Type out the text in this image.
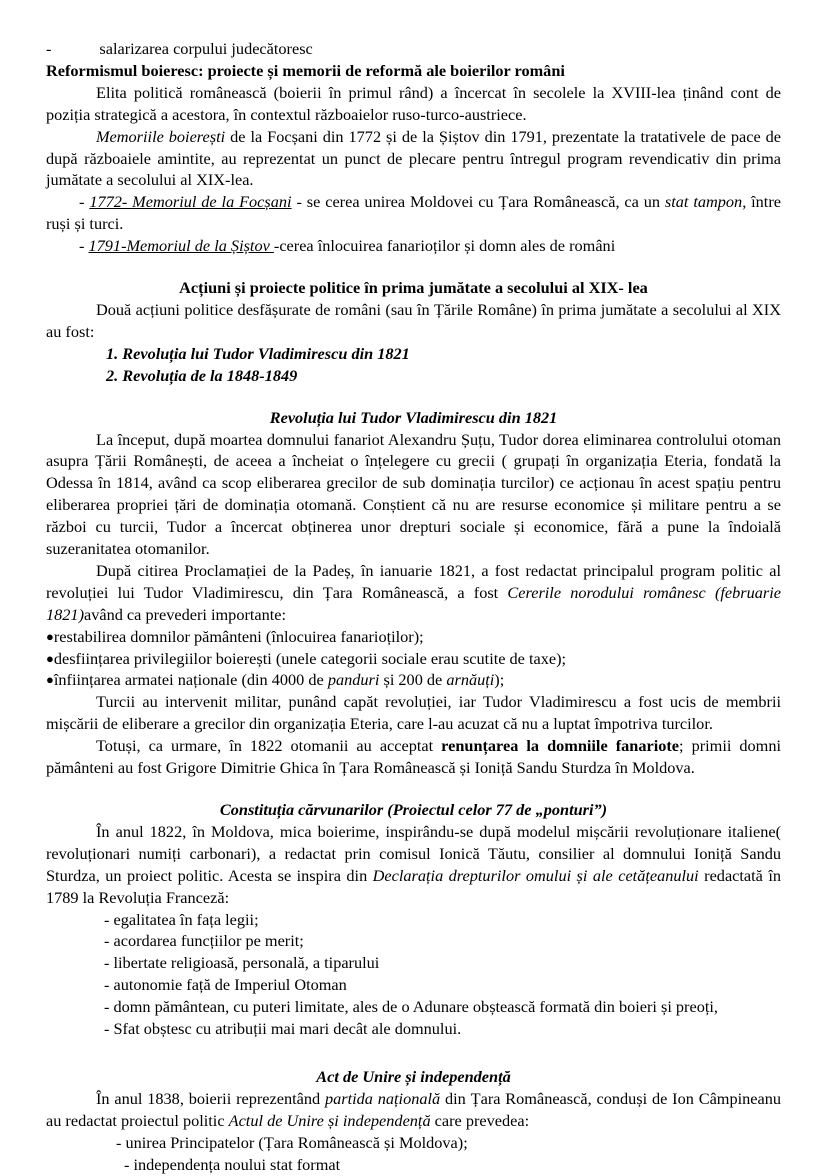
-	salarizarea corpului judecătoresc

Reformismul boieresc: proiecte și memorii de reformă ale boierilor români

Elita politică românească (boierii în primul rând) a încercat în secolele la XVIII-lea ținând cont de poziția strategică a acestora, în contextul războaielor ruso-turco-austriece.

Memoriile boierești de la Focșani din 1772 și de la Șiștov din 1791, prezentate la tratativele de pace de după războaiele amintite, au reprezentat un punct de plecare pentru întregul program revendicativ din prima jumătate a secolului al XIX-lea.

- 1772- Memoriul de la Focșani - se cerea unirea Moldovei cu Țara Românească, ca un stat tampon, între ruși și turci.

- 1791-Memoriul de la Șiștov -cerea înlocuirea fanarioților și domn ales de români

Acțiuni și proiecte politice în prima jumătate a secolului al XIX- lea

Două acțiuni politice desfășurate de români (sau în Țările Române) în prima jumătate a secolului al XIX au fost:

1. Revoluția lui Tudor Vladimirescu din 1821

2. Revoluția de la 1848-1849

Revoluția lui Tudor Vladimirescu din 1821

La început, după moartea domnului fanariot Alexandru Șuțu, Tudor dorea eliminarea controlului otoman asupra Țării Românești, de aceea a încheiat o înțelegere cu grecii ( grupați în organizația Eteria, fondată la Odessa în 1814, având ca scop eliberarea grecilor de sub dominația turcilor) ce acționau în acest spațiu pentru eliberarea propriei țări de dominația otomană. Conștient că nu are resurse economice și militare pentru a se război cu turcii, Tudor a încercat obținerea unor drepturi sociale și economice, fără a pune la îndoială suzeranitatea otomanilor.

După citirea Proclamației de la Padeș, în ianuarie 1821, a fost redactat principalul program politic al revoluției lui Tudor Vladimirescu, din Țara Românească, a fost Cererile norodului românesc (februarie 1821)având ca prevederi importante:

●restabilirea domnilor pământeni (înlocuirea fanarioților);

●desființarea privilegiilor boierești (unele categorii sociale erau scutite de taxe);

●înființarea armatei naționale (din 4000 de panduri și 200 de arnăuți);

Turcii au intervenit militar, punând capăt revoluției, iar Tudor Vladimirescu a fost ucis de membrii mișcării de eliberare a grecilor din organizația Eteria, care l-au acuzat că nu a luptat împotriva turcilor.

Totuși, ca urmare, în 1822 otomanii au acceptat renunțarea la domniile fanariote; primii domni pământeni au fost Grigore Dimitrie Ghica în Țara Românească și Ioniță Sandu Sturdza în Moldova.

Constituția cărvunarilor (Proiectul celor 77 de „ponturi”)

În anul 1822, în Moldova, mica boierime, inspirându-se după modelul mișcării revoluționare italiene( revoluționari numiți carbonari), a redactat prin comisul Ionică Tăutu, consilier al domnului Ioniță Sandu Sturdza, un proiect politic. Acesta se inspira din Declarația drepturilor omului și ale cetățeanului redactată în 1789 la Revoluția Franceză:

- egalitatea în fața legii;

- acordarea funcțiilor pe merit;

- libertate religioasă, personală, a tiparului

- autonomie față de Imperiul Otoman

- domn pământean, cu puteri limitate, ales de o Adunare obștească formată din boieri și preoți,

- Sfat obștesc cu atribuții mai mari decât ale domnului.

Act de Unire și independență

În anul 1838, boierii reprezentând partida națională din Țara Românească, conduși de Ion Câmpineanu au redactat proiectul politic Actul de Unire și independență care prevedea:

- unirea Principatelor (Țara Românească și Moldova);

- independența noului stat format
